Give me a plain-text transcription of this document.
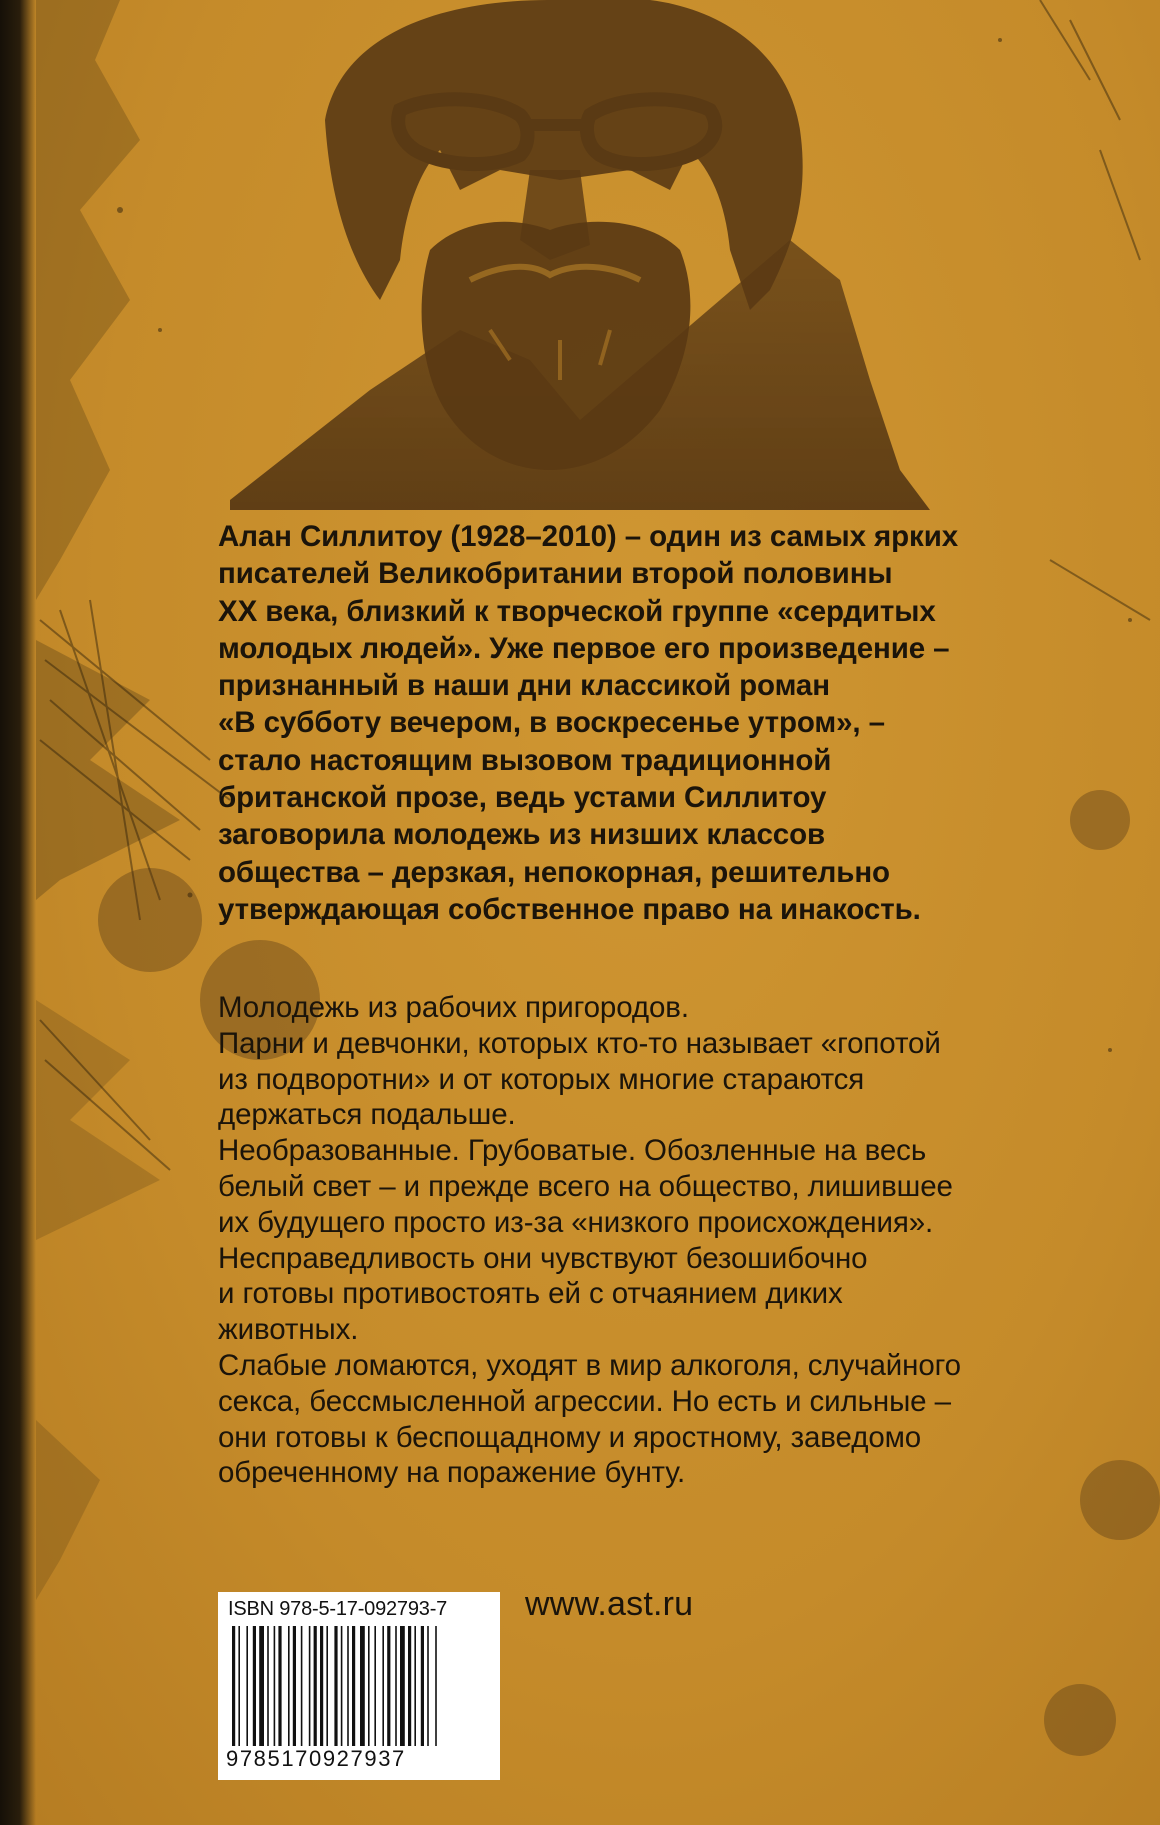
Алан Силлитоу (1928–2010) – один из самых ярких
писателей Великобритании второй половины
XX века, близкий к творческой группе «сердитых
молодых людей». Уже первое его произведение –
признанный в наши дни классикой роман
«В субботу вечером, в воскресенье утром», –
стало настоящим вызовом традиционной
британской прозе, ведь устами Силлитоу
заговорила молодежь из низших классов
общества – дерзкая, непокорная, решительно
утверждающая собственное право на инакость.

Молодежь из рабочих пригородов.
Парни и девчонки, которых кто-то называет «гопотой
из подворотни» и от которых многие стараются
держаться подальше.
Необразованные. Грубоватые. Обозленные на весь
белый свет – и прежде всего на общество, лишившее
их будущего просто из-за «низкого происхождения».
Несправедливость они чувствуют безошибочно
и готовы противостоять ей с отчаянием диких
животных.
Слабые ломаются, уходят в мир алкоголя, случайного
секса, бессмысленной агрессии. Но есть и сильные –
они готовы к беспощадному и яростному, заведомо
обреченному на поражение бунту.

ISBN 978-5-17-092793-7
9785170927937
www.ast.ru
